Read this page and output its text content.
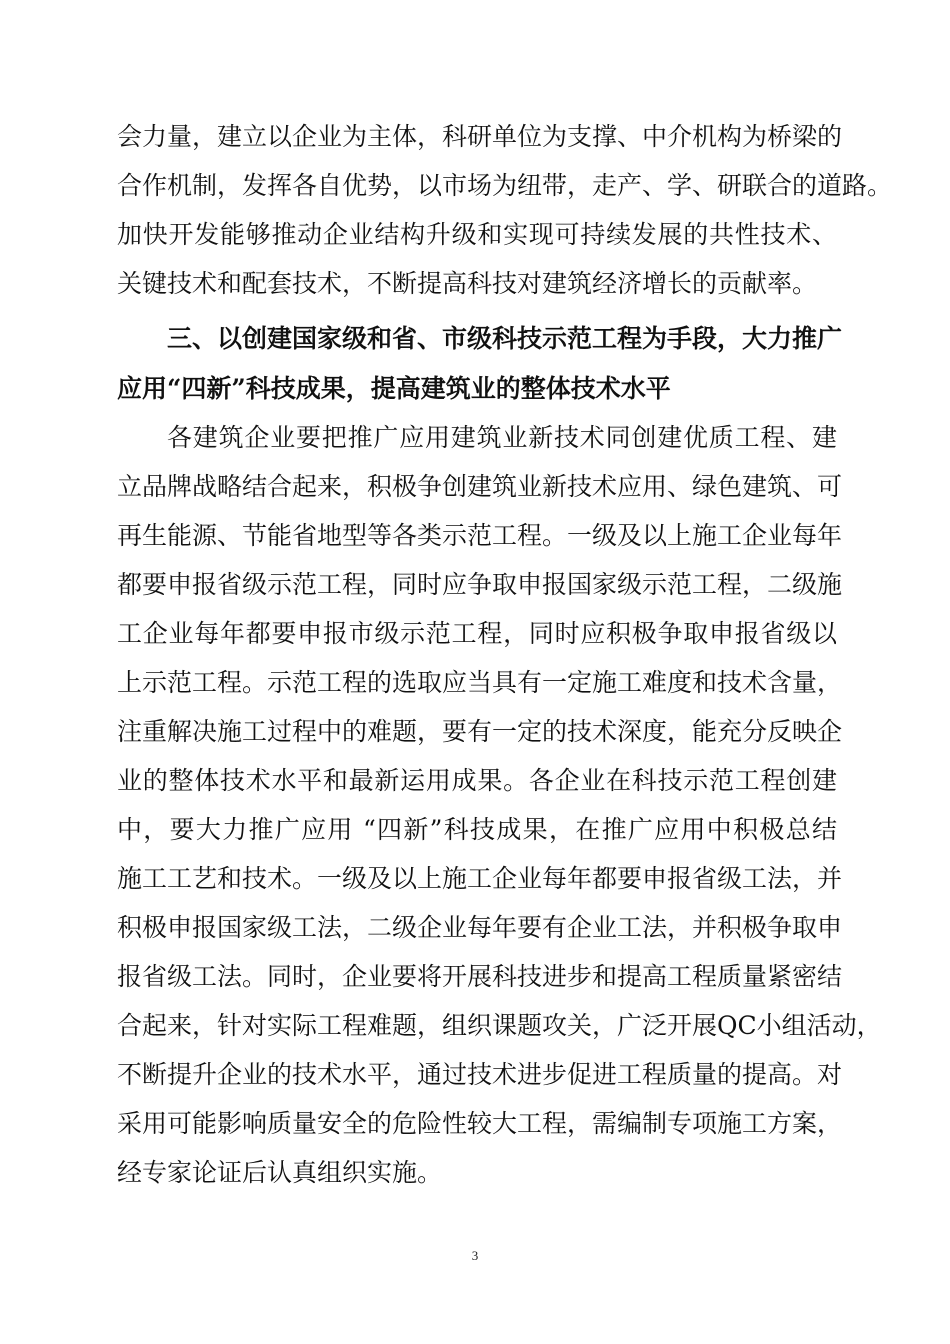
会力量，建立以企业为主体，科研单位为支撑、中介机构为桥梁的
合作机制，发挥各自优势，以市场为纽带，走产、学、研联合的道路。
加快开发能够推动企业结构升级和实现可持续发展的共性技术、
关键技术和配套技术，不断提高科技对建筑经济增长的贡献率。
三、以创建国家级和省、市级科技示范工程为手段，大力推广
应用“四新”科技成果，提高建筑业的整体技术水平
各建筑企业要把推广应用建筑业新技术同创建优质工程、建
立品牌战略结合起来，积极争创建筑业新技术应用、绿色建筑、可
再生能源、节能省地型等各类示范工程。一级及以上施工企业每年
都要申报省级示范工程，同时应争取申报国家级示范工程，二级施
工企业每年都要申报市级示范工程，同时应积极争取申报省级以
上示范工程。示范工程的选取应当具有一定施工难度和技术含量，
注重解决施工过程中的难题，要有一定的技术深度，能充分反映企
业的整体技术水平和最新运用成果。各企业在科技示范工程创建
中，要大力推广应用 “四新”科技成果，在推广应用中积极总结
施工工艺和技术。一级及以上施工企业每年都要申报省级工法，并
积极申报国家级工法，二级企业每年要有企业工法，并积极争取申
报省级工法。同时，企业要将开展科技进步和提高工程质量紧密结
合起来，针对实际工程难题，组织课题攻关，广泛开展QC小组活动，
不断提升企业的技术水平，通过技术进步促进工程质量的提高。对
采用可能影响质量安全的危险性较大工程，需编制专项施工方案，
经专家论证后认真组织实施。
3
